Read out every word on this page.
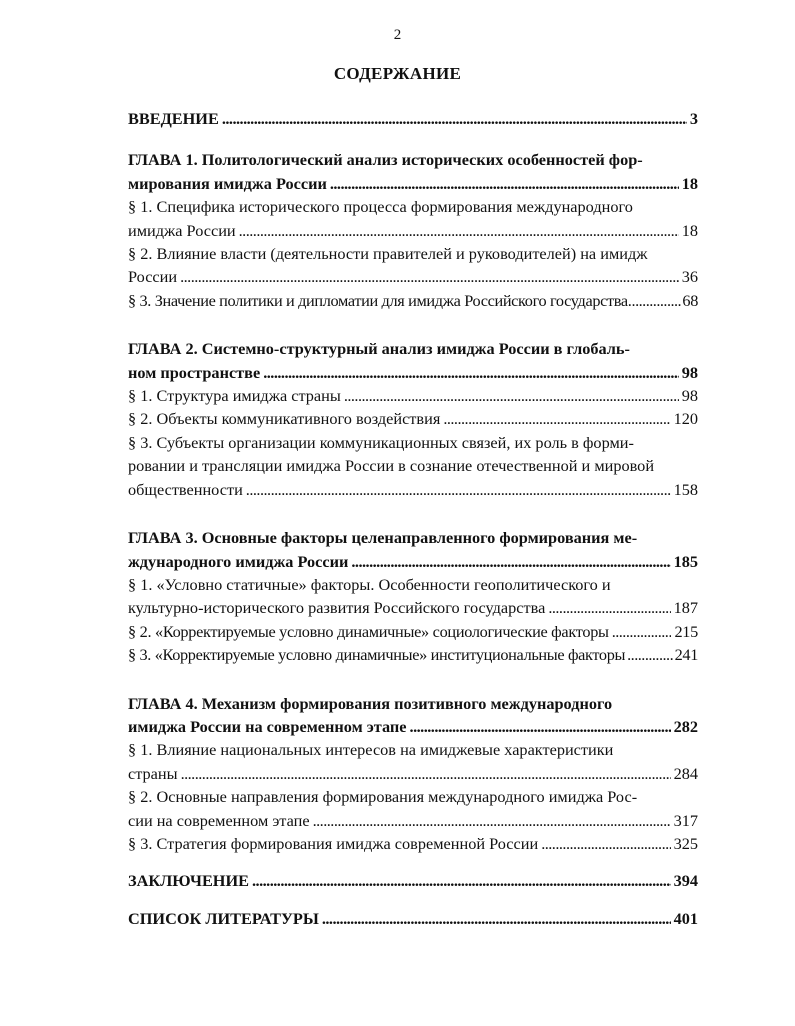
2
СОДЕРЖАНИЕ
ВВЕДЕНИЕ . . .	3
ГЛАВА 1. Политологический анализ исторических особенностей фор-
мирования имиджа России . . .	18
§ 1. Специфика исторического процесса формирования международного
имиджа России . . .	18
§ 2. Влияние власти (деятельности правителей и руководителей) на имидж
России . . .	36
§ 3. Значение политики и дипломатии для имиджа Российского государства. . . .	68
ГЛАВА 2. Системно-структурный анализ имиджа России в глобаль-
ном пространстве . . .	98
§ 1. Структура имиджа страны . . .	98
§ 2. Объекты коммуникативного воздействия . . .	120
§ 3. Субъекты организации коммуникационных связей, их роль в форми-
ровании и трансляции имиджа России в сознание отечественной и мировой
общественности . . .	158
ГЛАВА 3. Основные факторы целенаправленного формирования ме-
ждународного имиджа России . . .	185
§ 1. «Условно статичные» факторы. Особенности геополитического и
культурно-исторического развития Российского государства . . .	187
§ 2. «Корректируемые условно динамичные» социологические факторы . . .	215
§ 3. «Корректируемые условно динамичные» институциональные факторы . . .	241
ГЛАВА 4. Механизм формирования позитивного международного
имиджа России на современном этапе . . .	282
§ 1. Влияние национальных интересов на имиджевые характеристики
страны . . .	284
§ 2. Основные направления формирования международного имиджа Рос-
сии на современном этапе . . .	317
§ 3. Стратегия формирования имиджа современной России . . .	325
ЗАКЛЮЧЕНИЕ . . .	394
СПИСОК ЛИТЕРАТУРЫ . . .	401
